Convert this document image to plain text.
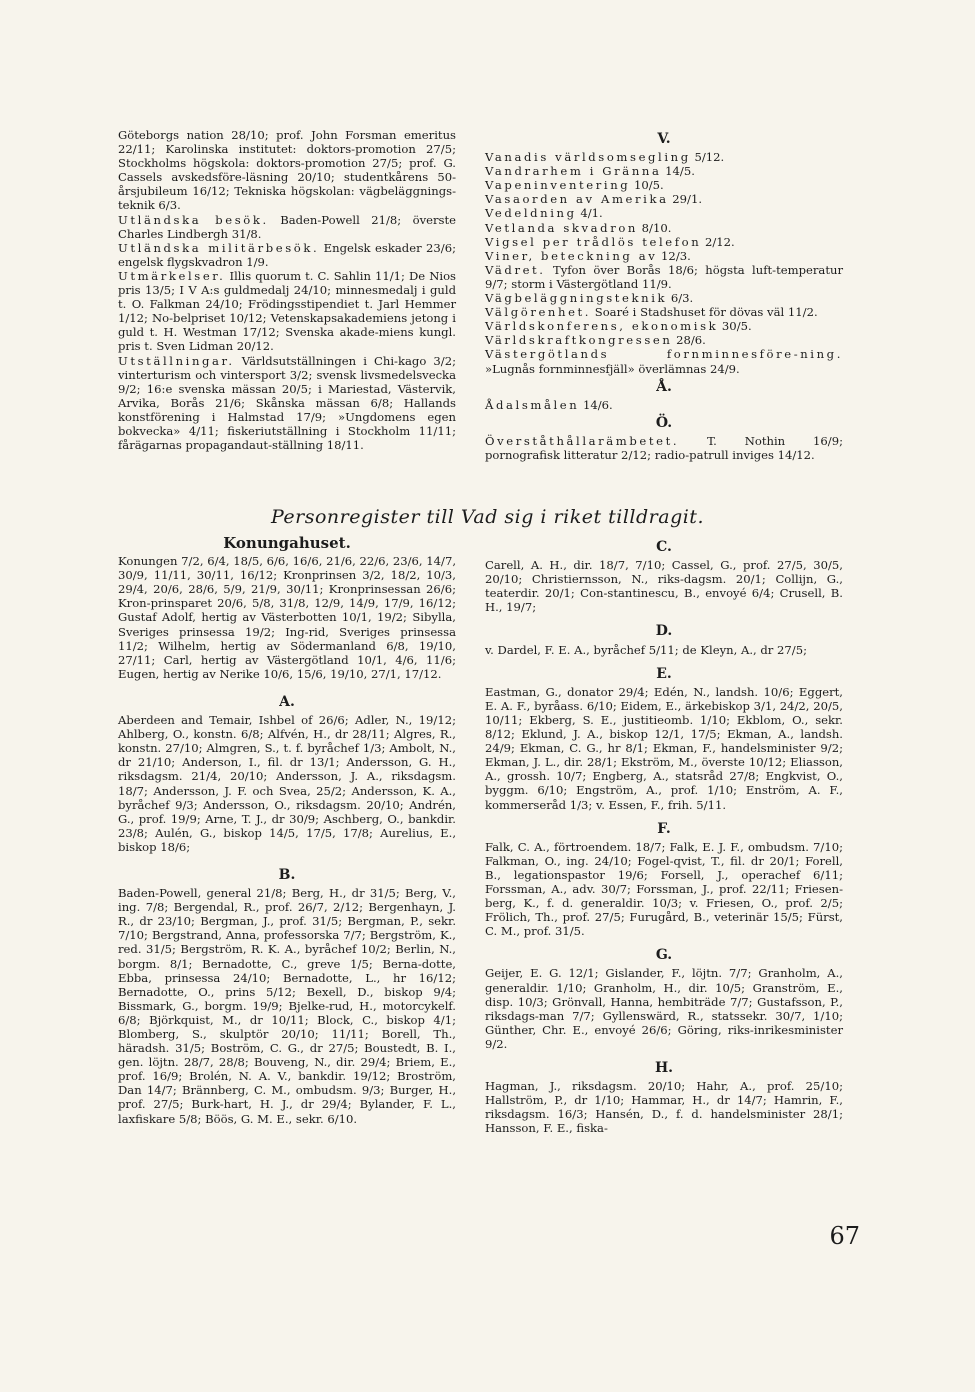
Göteborgs nation 28/10; prof. John Forsman emeritus 22/11; Karolinska institutet: doktors-promotion 27/5; Stockholms högskola: doktors-promotion 27/5; prof. G. Cassels avskedsföre-läsning 20/10; studentkårens 50-årsjubileum 16/12; Tekniska högskolan: vägbeläggnings-teknik 6/3.

Utländska besök. Baden-Powell 21/8; överste Charles Lindbergh 31/8.

Utländska militärbesök. Engelsk eskader 23/6; engelsk flygskvadron 1/9.

Utmärkelser. Illis quorum t. C. Sahlin 11/1; De Nios pris 13/5; I V A:s guldmedalj 24/10; minnesmedalj i guld t. O. Falkman 24/10; Frödingsstipendiet t. Jarl Hemmer 1/12; No-belpriset 10/12; Vetenskapsakademiens jetong i guld t. H. Westman 17/12; Svenska akade-miens kungl. pris t. Sven Lidman 20/12.

Utställningar. Världsutställningen i Chi-kago 3/2; vinterturism och vintersport 3/2; svensk livsmedelsvecka 9/2; 16:e svenska mässan 20/5; i Mariestad, Västervik, Arvika, Borås 21/6; Skånska mässan 6/8; Hallands konstförening i Halmstad 17/9; »Ungdomens egen bokvecka» 4/11; fiskeriutställning i Stockholm 11/11; fårägarnas propagandaut-ställning 18/11.

V.

Vanadis världsomsegling 5/12.

Vandrarhem i Gränna 14/5.

Vapeninventering 10/5.

Vasaorden av Amerika 29/1.

Vedeldning 4/1.

Vetlanda skvadron 8/10.

Vigsel per trådlös telefon 2/12.

Viner, beteckning av 12/3.

Vädret. Tyfon över Borås 18/6; högsta luft-temperatur 9/7; storm i Västergötland 11/9.

Vägbeläggningsteknik 6/3.

Välgörenhet. Soaré i Stadshuset för dövas väl 11/2.

Världskonferens, ekonomisk 30/5.

Världskraftkongressen 28/6.

Västergötlands fornminnesföre-ning. »Lugnås fornminnesfjäll» överlämnas 24/9.

Å.

Ådalsmålen 14/6.

Ö.

Överståthållarämbetet. T. Nothin 16/9; pornografisk litteratur 2/12; radio-patrull inviges 14/12.

Personregister till Vad sig i riket tilldragit.
Konungahuset.

Konungen 7/2, 6/4, 18/5, 6/6, 16/6, 21/6, 22/6, 23/6, 14/7, 30/9, 11/11, 30/11, 16/12; Kronprinsen 3/2, 18/2, 10/3, 29/4, 20/6, 28/6, 5/9, 21/9, 30/11; Kronprinsessan 26/6; Kron-prinsparet 20/6, 5/8, 31/8, 12/9, 14/9, 17/9, 16/12; Gustaf Adolf, hertig av Västerbotten 10/1, 19/2; Sibylla, Sveriges prinsessa 19/2; Ing-rid, Sveriges prinsessa 11/2; Wilhelm, hertig av Södermanland 6/8, 19/10, 27/11; Carl, hertig av Västergötland 10/1, 4/6, 11/6; Eugen, hertig av Nerike 10/6, 15/6, 19/10, 27/1, 17/12.

A.

Aberdeen and Temair, Ishbel of 26/6; Adler, N., 19/12; Ahlberg, O., konstn. 6/8; Alfvén, H., dr 28/11; Algres, R., konstn. 27/10; Almgren, S., t. f. byråchef 1/3; Ambolt, N., dr 21/10; Anderson, I., fil. dr 13/1; Andersson, G. H., riksdagsm. 21/4, 20/10; Andersson, J. A., riksdagsm. 18/7; Andersson, J. F. och Svea, 25/2; Andersson, K. A., byråchef 9/3; Andersson, O., riksdagsm. 20/10; Andrén, G., prof. 19/9; Arne, T. J., dr 30/9; Aschberg, O., bankdir. 23/8; Aulén, G., biskop 14/5, 17/5, 17/8; Aurelius, E., biskop 18/6;

B.

Baden-Powell, general 21/8; Berg, H., dr 31/5; Berg, V., ing. 7/8; Bergendal, R., prof. 26/7, 2/12; Bergenhayn, J. R., dr 23/10; Bergman, J., prof. 31/5; Bergman, P., sekr. 7/10; Bergstrand, Anna, professorska 7/7; Bergström, K., red. 31/5; Bergström, R. K. A., byråchef 10/2; Berlin, N., borgm. 8/1; Bernadotte, C., greve 1/5; Berna-dotte, Ebba, prinsessa 24/10; Bernadotte, L., hr 16/12; Bernadotte, O., prins 5/12; Bexell, D., biskop 9/4; Bissmark, G., borgm. 19/9; Bjelke-rud, H., motorcykelf. 6/8; Björkquist, M., dr 10/11; Block, C., biskop 4/1; Blomberg, S., skulptör 20/10; 11/11; Borell, Th., häradsh. 31/5; Boström, C. G., dr 27/5; Boustedt, B. I., gen. löjtn. 28/7, 28/8; Bouveng, N., dir. 29/4; Briem, E., prof. 16/9; Brolén, N. A. V., bankdir. 19/12; Broström, Dan 14/7; Brännberg, C. M., ombudsm. 9/3; Burger, H., prof. 27/5; Burk-hart, H. J., dr 29/4; Bylander, F. L., laxfiskare 5/8; Böös, G. M. E., sekr. 6/10.

C.

Carell, A. H., dir. 18/7, 7/10; Cassel, G., prof. 27/5, 30/5, 20/10; Christiernsson, N., riks-dagsm. 20/1; Collijn, G., teaterdir. 20/1; Con-stantinescu, B., envoyé 6/4; Crusell, B. H., 19/7;

D.

v. Dardel, F. E. A., byråchef 5/11; de Kleyn, A., dr 27/5;

E.

Eastman, G., donator 29/4; Edén, N., landsh. 10/6; Eggert, E. A. F., byråass. 6/10; Eidem, E., ärkebiskop 3/1, 24/2, 20/5, 10/11; Ekberg, S. E., justitieomb. 1/10; Ekblom, O., sekr. 8/12; Eklund, J. A., biskop 12/1, 17/5; Ekman, A., landsh. 24/9; Ekman, C. G., hr 8/1; Ekman, F., handelsminister 9/2; Ekman, J. L., dir. 28/1; Ekström, M., överste 10/12; Eliasson, A., grossh. 10/7; Engberg, A., statsråd 27/8; Engkvist, O., byggm. 6/10; Engström, A., prof. 1/10; Enström, A. F., kommerseråd 1/3; v. Essen, F., frih. 5/11.

F.

Falk, C. A., förtroendem. 18/7; Falk, E. J. F., ombudsm. 7/10; Falkman, O., ing. 24/10; Fogel-qvist, T., fil. dr 20/1; Forell, B., legationspastor 19/6; Forsell, J., operachef 6/11; Forssman, A., adv. 30/7; Forssman, J., prof. 22/11; Friesen-berg, K., f. d. generaldir. 10/3; v. Friesen, O., prof. 2/5; Frölich, Th., prof. 27/5; Furugård, B., veterinär 15/5; Fürst, C. M., prof. 31/5.

G.

Geijer, E. G. 12/1; Gislander, F., löjtn. 7/7; Granholm, A., generaldir. 1/10; Granholm, H., dir. 10/5; Granström, E., disp. 10/3; Grönvall, Hanna, hembiträde 7/7; Gustafsson, P., riksdags-man 7/7; Gyllenswärd, R., statssekr. 30/7, 1/10; Günther, Chr. E., envoyé 26/6; Göring, riks-inrikesminister 9/2.

H.

Hagman, J., riksdagsm. 20/10; Hahr, A., prof. 25/10; Hallström, P., dr 1/10; Hammar, H., dr 14/7; Hamrin, F., riksdagsm. 16/3; Hansén, D., f. d. handelsminister 28/1; Hansson, F. E., fiska-

67
